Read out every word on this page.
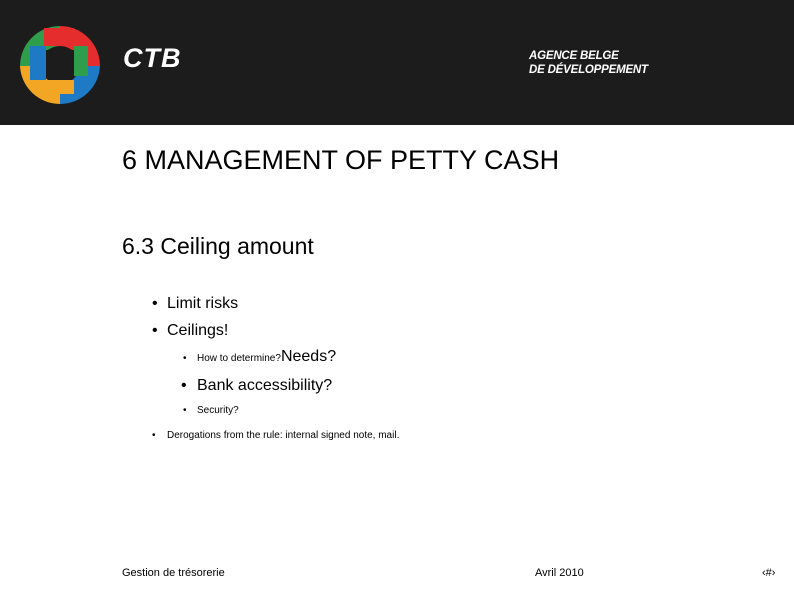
CTB	AGENCE BELGE
DE DÉVELOPPEMENT
6 MANAGEMENT OF PETTY CASH
6.3 Ceiling amount
• Limit risks
• Ceilings!
• How to determine?Needs?
• Bank accessibility?
• Security?
• Derogations from the rule: internal signed note, mail.
Gestion de trésorerie	Avril 2010	‹#›
